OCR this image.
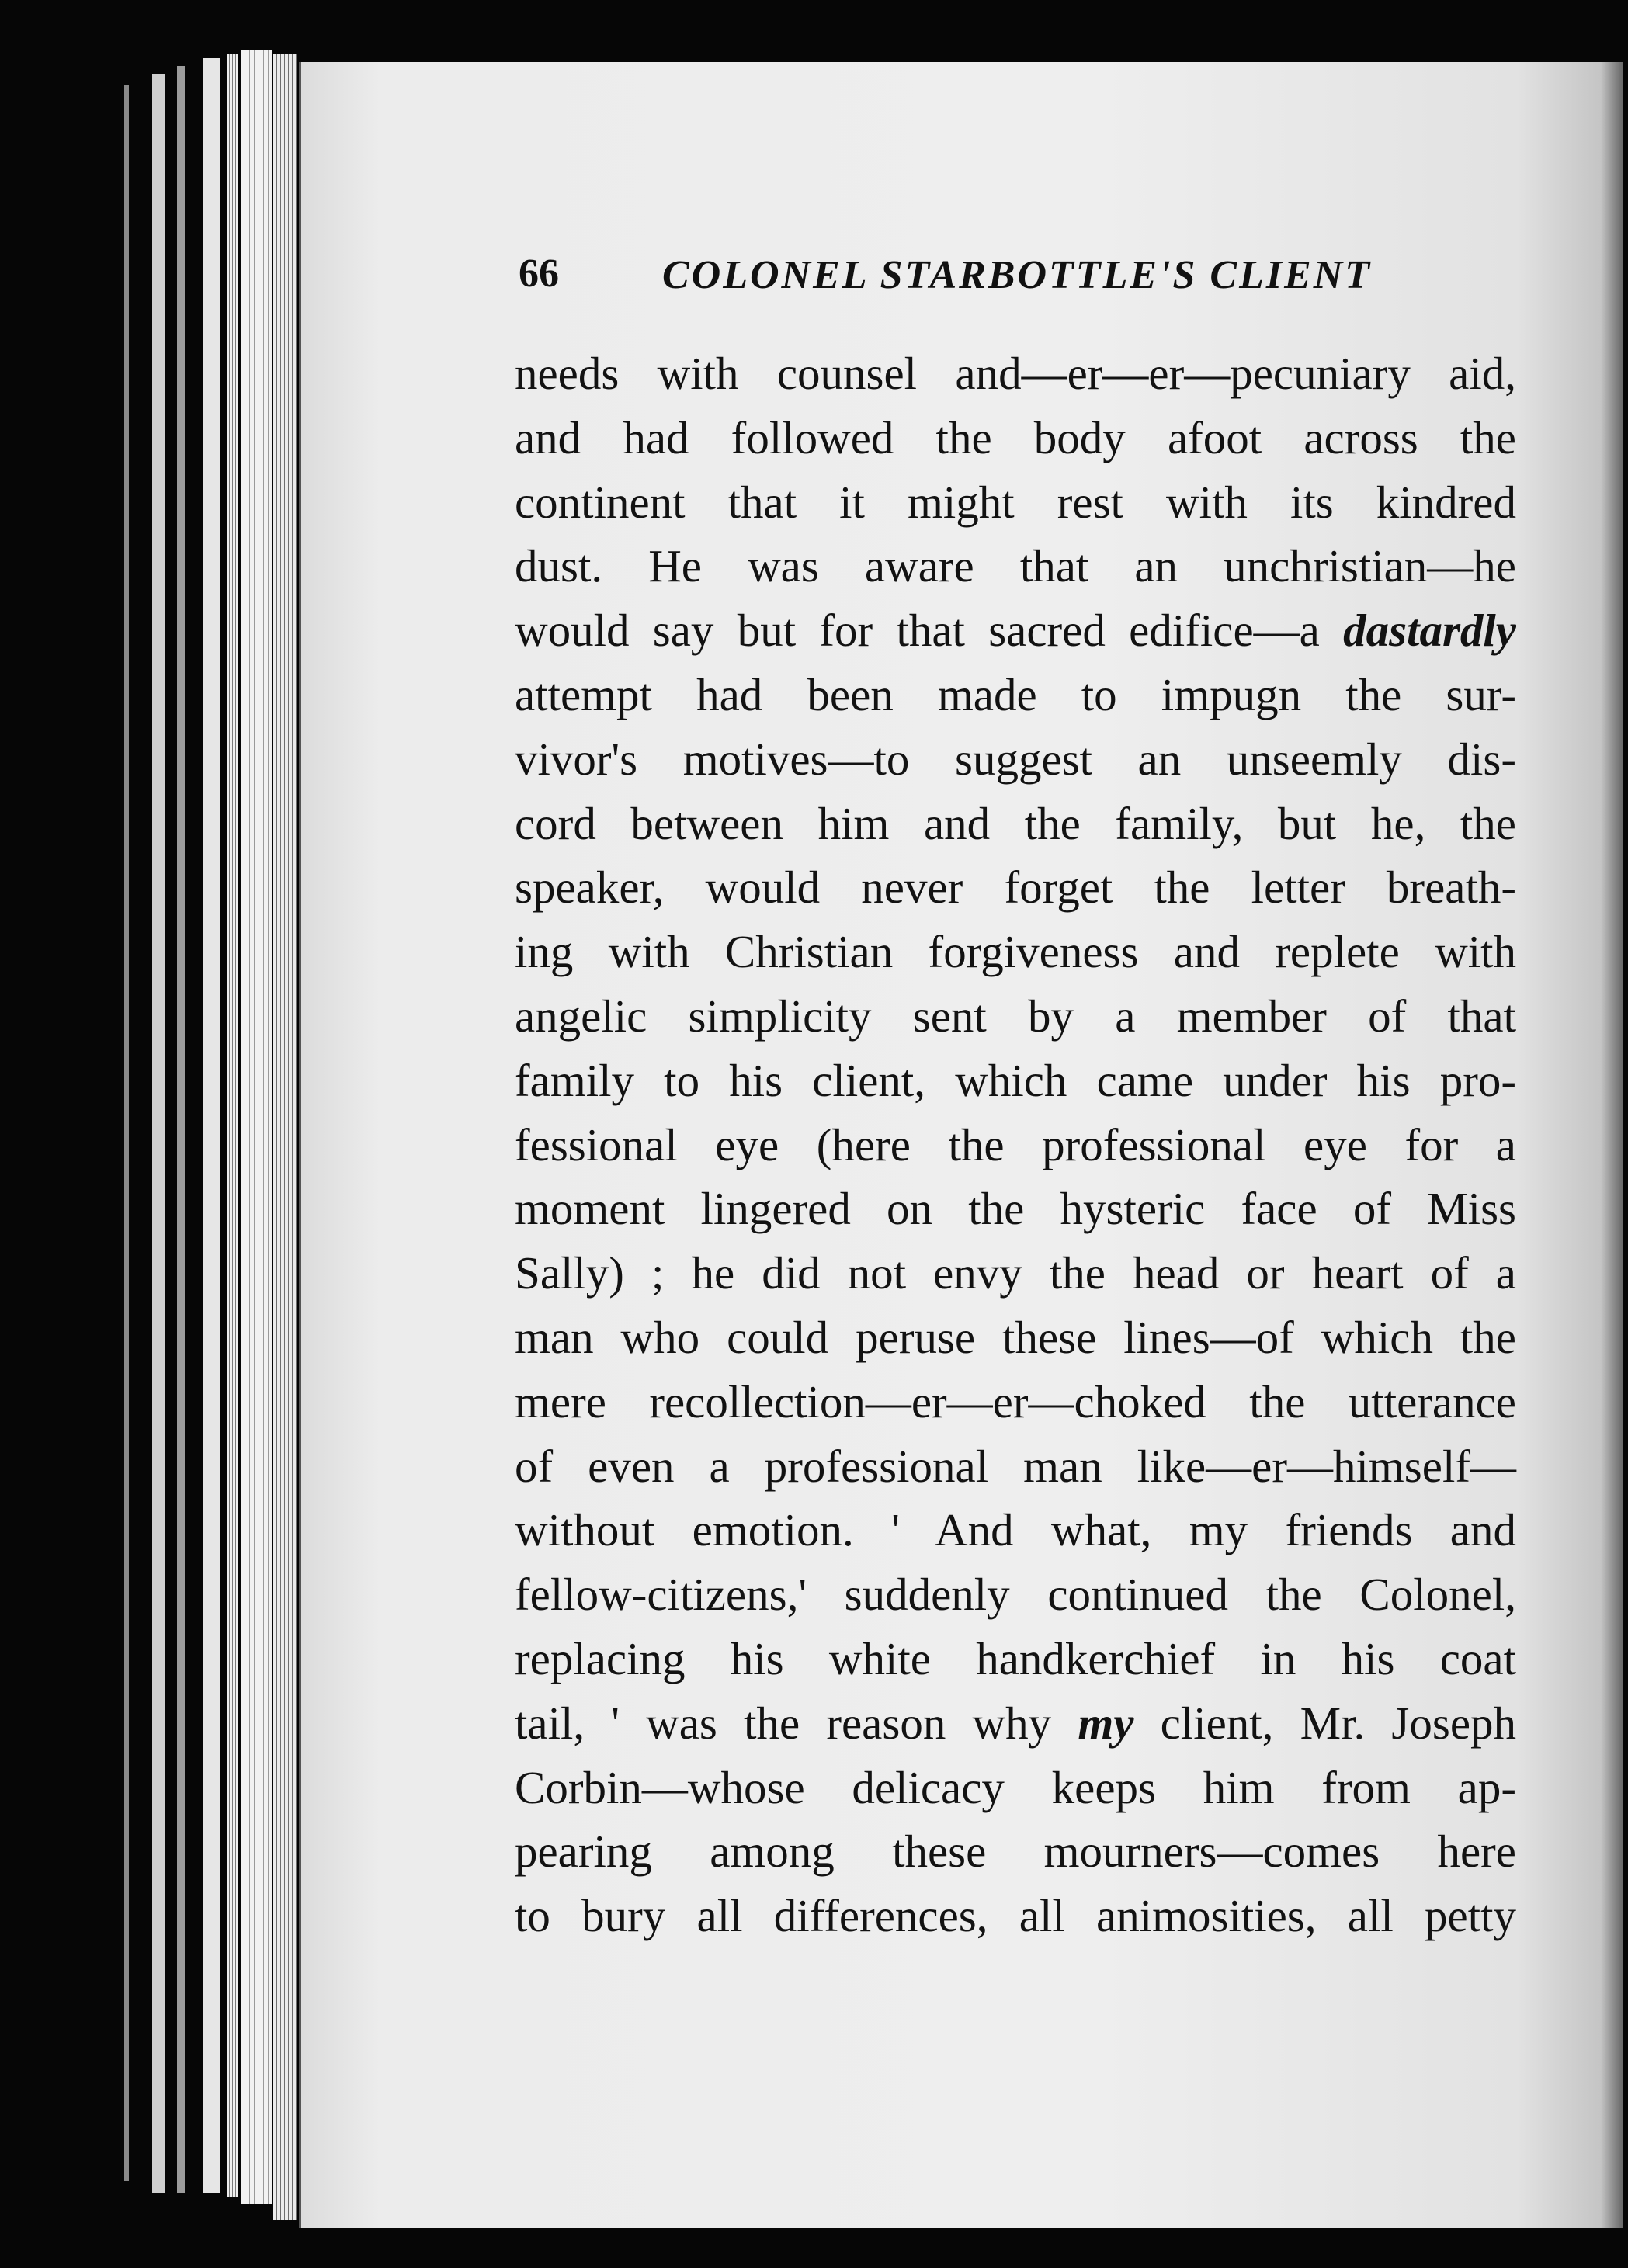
66	COLONEL STARBOTTLE'S CLIENT
needs with counsel and—er—er—pecuniary aid,
and had followed the body afoot across the
continent that it might rest with its kindred
dust. He was aware that an unchristian—he
would say but for that sacred edifice—a dastardly
attempt had been made to impugn the sur-
vivor's motives—to suggest an unseemly dis-
cord between him and the family, but he, the
speaker, would never forget the letter breath-
ing with Christian forgiveness and replete with
angelic simplicity sent by a member of that
family to his client, which came under his pro-
fessional eye (here the professional eye for a
moment lingered on the hysteric face of Miss
Sally) ; he did not envy the head or heart of a
man who could peruse these lines—of which the
mere recollection—er—er—choked the utterance
of even a professional man like—er—himself—
without emotion. ' And what, my friends and
fellow-citizens,' suddenly continued the Colonel,
replacing his white handkerchief in his coat
tail, ' was the reason why my client, Mr. Joseph
Corbin—whose delicacy keeps him from ap-
pearing among these mourners—comes here
to bury all differences, all animosities, all petty
